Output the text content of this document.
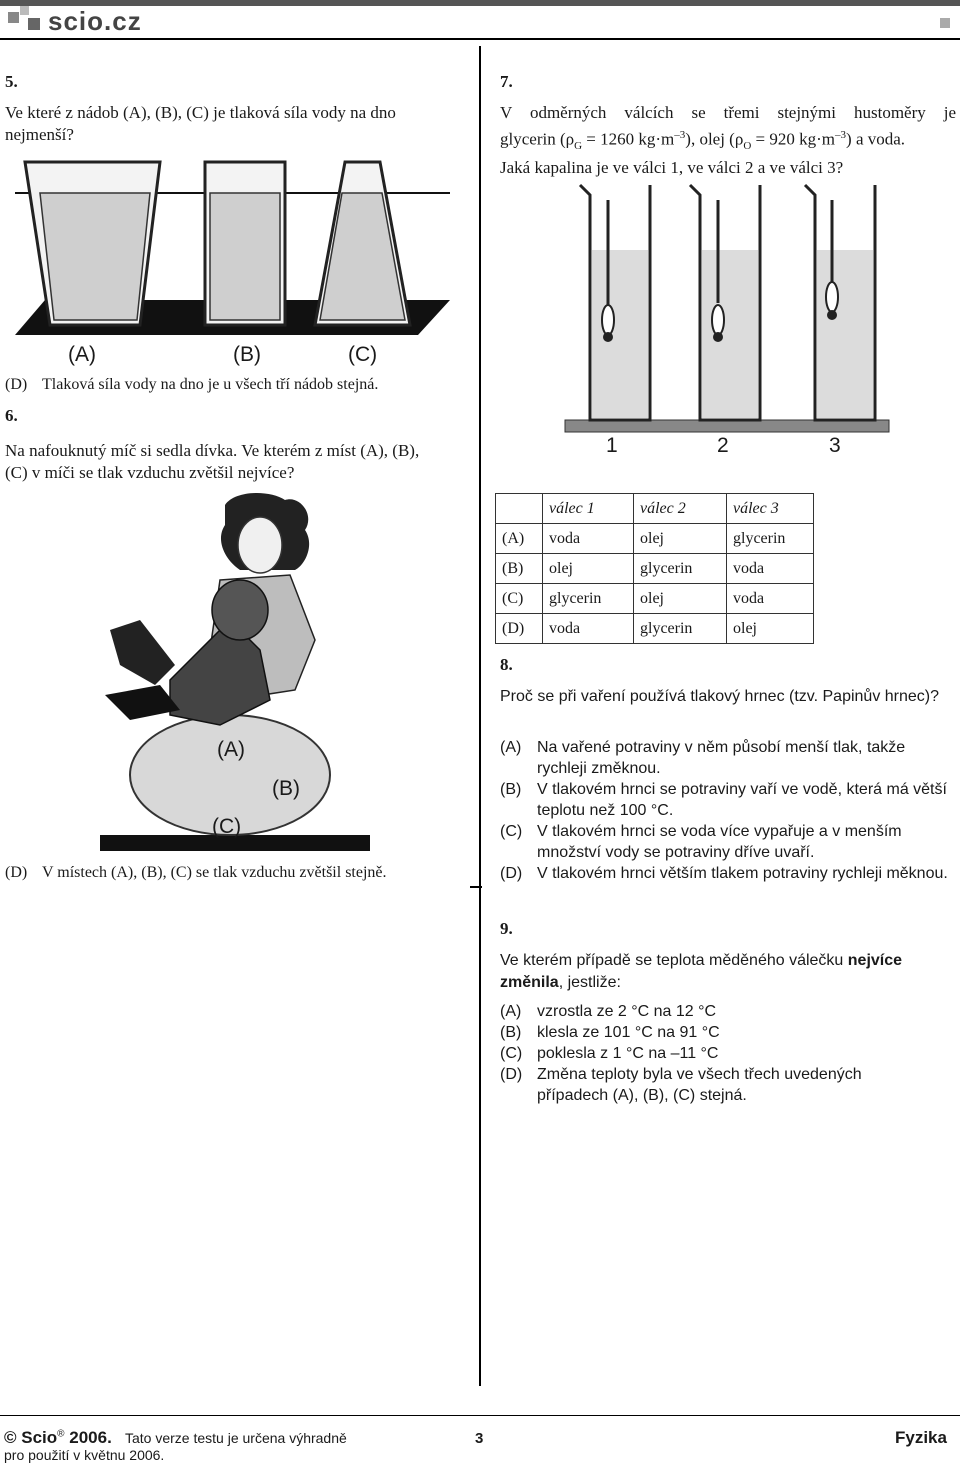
scio.cz
5.
Ve které z nádob (A), (B), (C) je tlaková síla vody na dno nejmenší?
(A)	(B)	(C)
(D) Tlaková síla vody na dno je u všech tří nádob stejná.
6.
Na nafouknutý míč si sedla dívka. Ve kterém z míst (A), (B), (C) v míči se tlak vzduchu zvětšil nejvíce?
(A)
(B)
(C)
(D) V místech (A), (B), (C) se tlak vzduchu zvětšil stejně.
7.
V odměrných válcích se třemi stejnými hustoměry je
glycerin ($\rho_G = 1260$ $kg\cdot m^{-3}$), olej ($\rho_O = 920$ $kg\cdot m^{-3}$) a voda.
Jaká kapalina je ve válci 1, ve válci 2 a ve válci 3?
1	2	3
	válec 1	válec 2	válec 3
(A)	voda	olej	glycerin
(B)	olej	glycerin	voda
(C)	glycerin	olej	voda
(D)	voda	glycerin	olej
8.
Proč se při vaření používá tlakový hrnec (tzv. Papinův hrnec)?
(A) Na vařené potraviny v něm působí menší tlak, takže rychleji změknou.
(B) V tlakovém hrnci se potraviny vaří ve vodě, která má větší teplotu než 100 °C.
(C) V tlakovém hrnci se voda více vypařuje a v menším množství vody se potraviny dříve uvaří.
(D) V tlakovém hrnci větším tlakem potraviny rychleji měknou.
9.
Ve kterém případě se teplota měděného válečku nejvíce změnila, jestliže:
(A) vzrostla ze 2 °C na 12 °C
(B) klesla ze 101 °C na 91 °C
(C) poklesla z 1 °C na –11 °C
(D) Změna teploty byla ve všech třech uvedených případech (A), (B), (C) stejná.
© Scio® 2006. Tato verze testu je určena výhradně
pro použití v květnu 2006.
3	Fyzika
